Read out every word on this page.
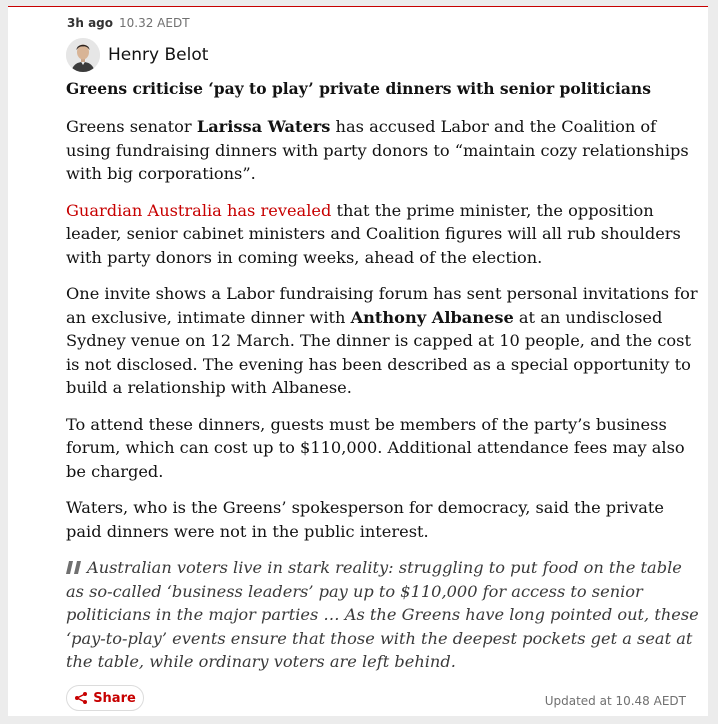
3h ago 10.32 AEDT
Henry Belot
Greens criticise ‘pay to play’ private dinners with senior politicians

Greens senator Larissa Waters has accused Labor and the Coalition of using fundraising dinners with party donors to “maintain cozy relationships with big corporations”.

Guardian Australia has revealed that the prime minister, the opposition leader, senior cabinet ministers and Coalition figures will all rub shoulders with party donors in coming weeks, ahead of the election.

One invite shows a Labor fundraising forum has sent personal invitations for an exclusive, intimate dinner with Anthony Albanese at an undisclosed Sydney venue on 12 March. The dinner is capped at 10 people, and the cost is not disclosed. The evening has been described as a special opportunity to build a relationship with Albanese.

To attend these dinners, guests must be members of the party’s business forum, which can cost up to $110,000. Additional attendance fees may also be charged.

Waters, who is the Greens’ spokesperson for democracy, said the private paid dinners were not in the public interest.

Australian voters live in stark reality: struggling to put food on the table as so-called ‘business leaders’ pay up to $110,000 for access to senior politicians in the major parties … As the Greens have long pointed out, these ‘pay-to-play’ events ensure that those with the deepest pockets get a seat at the table, while ordinary voters are left behind.

Share	Updated at 10.48 AEDT
